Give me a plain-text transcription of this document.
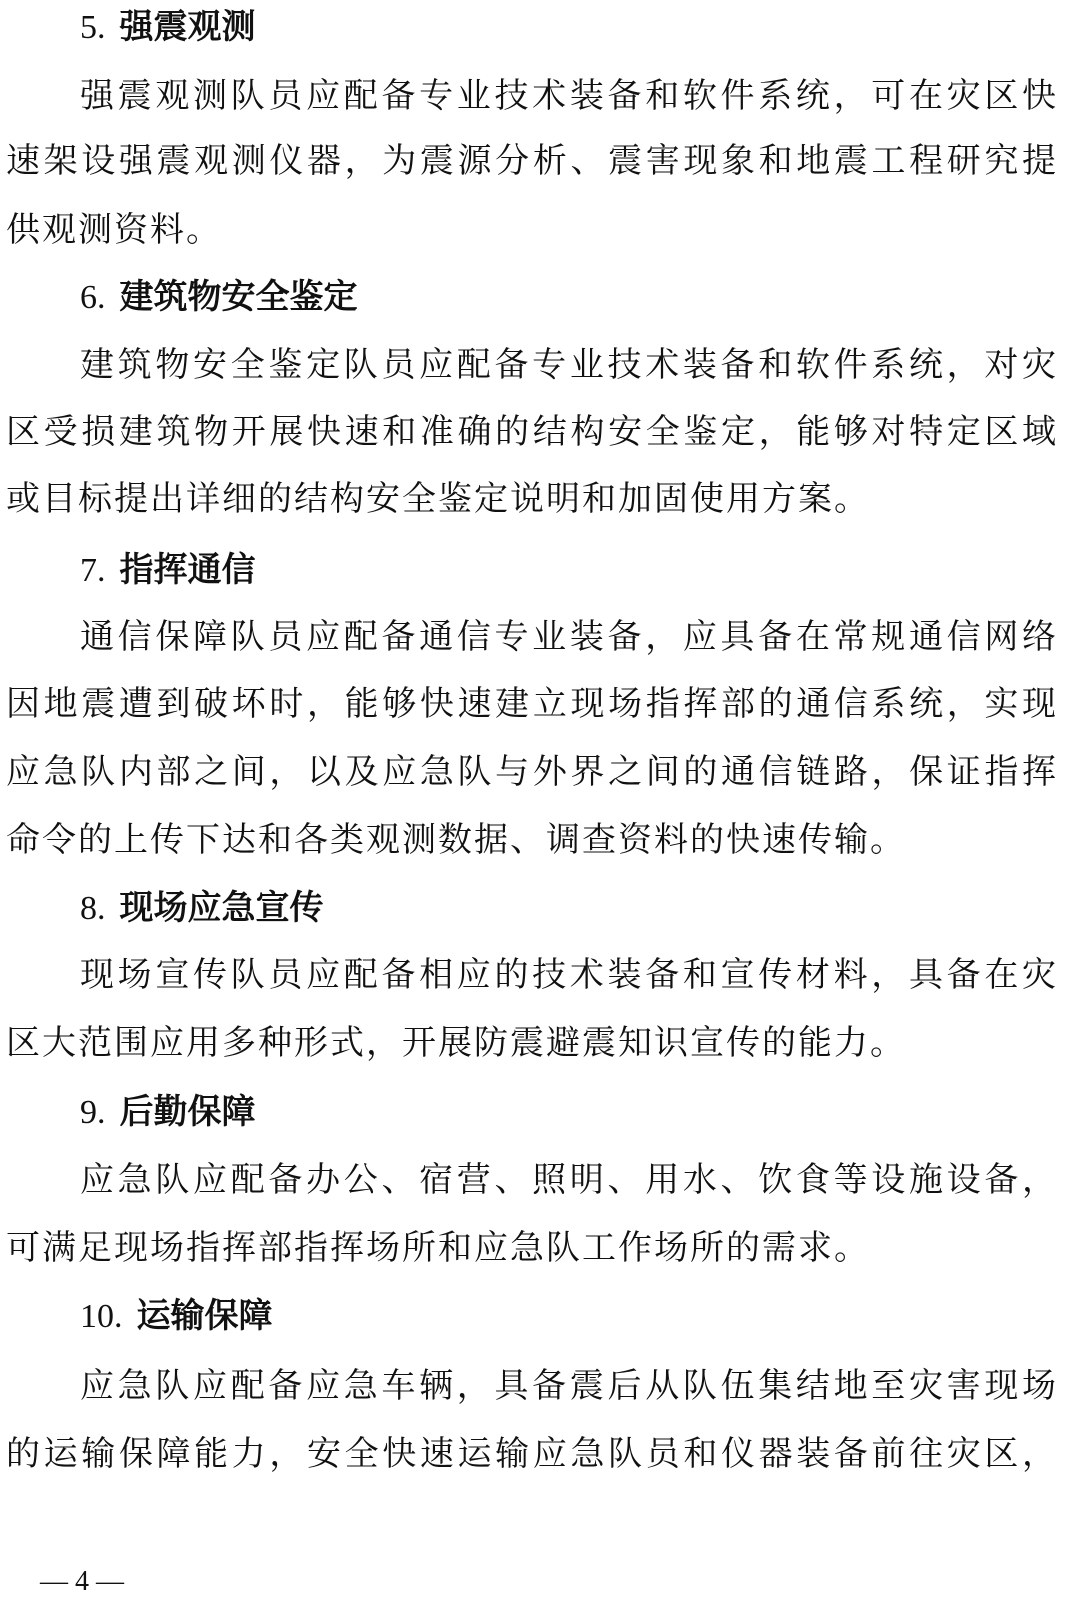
5. 强震观测
强震观测队员应配备专业技术装备和软件系统，可在灾区快
速架设强震观测仪器，为震源分析、震害现象和地震工程研究提
供观测资料。
6. 建筑物安全鉴定
建筑物安全鉴定队员应配备专业技术装备和软件系统，对灾
区受损建筑物开展快速和准确的结构安全鉴定，能够对特定区域
或目标提出详细的结构安全鉴定说明和加固使用方案。
7. 指挥通信
通信保障队员应配备通信专业装备，应具备在常规通信网络
因地震遭到破坏时，能够快速建立现场指挥部的通信系统，实现
应急队内部之间，以及应急队与外界之间的通信链路，保证指挥
命令的上传下达和各类观测数据、调查资料的快速传输。
8. 现场应急宣传
现场宣传队员应配备相应的技术装备和宣传材料，具备在灾
区大范围应用多种形式，开展防震避震知识宣传的能力。
9. 后勤保障
应急队应配备办公、宿营、照明、用水、饮食等设施设备，
可满足现场指挥部指挥场所和应急队工作场所的需求。
10. 运输保障
应急队应配备应急车辆，具备震后从队伍集结地至灾害现场
的运输保障能力，安全快速运输应急队员和仪器装备前往灾区，
— 4 —
